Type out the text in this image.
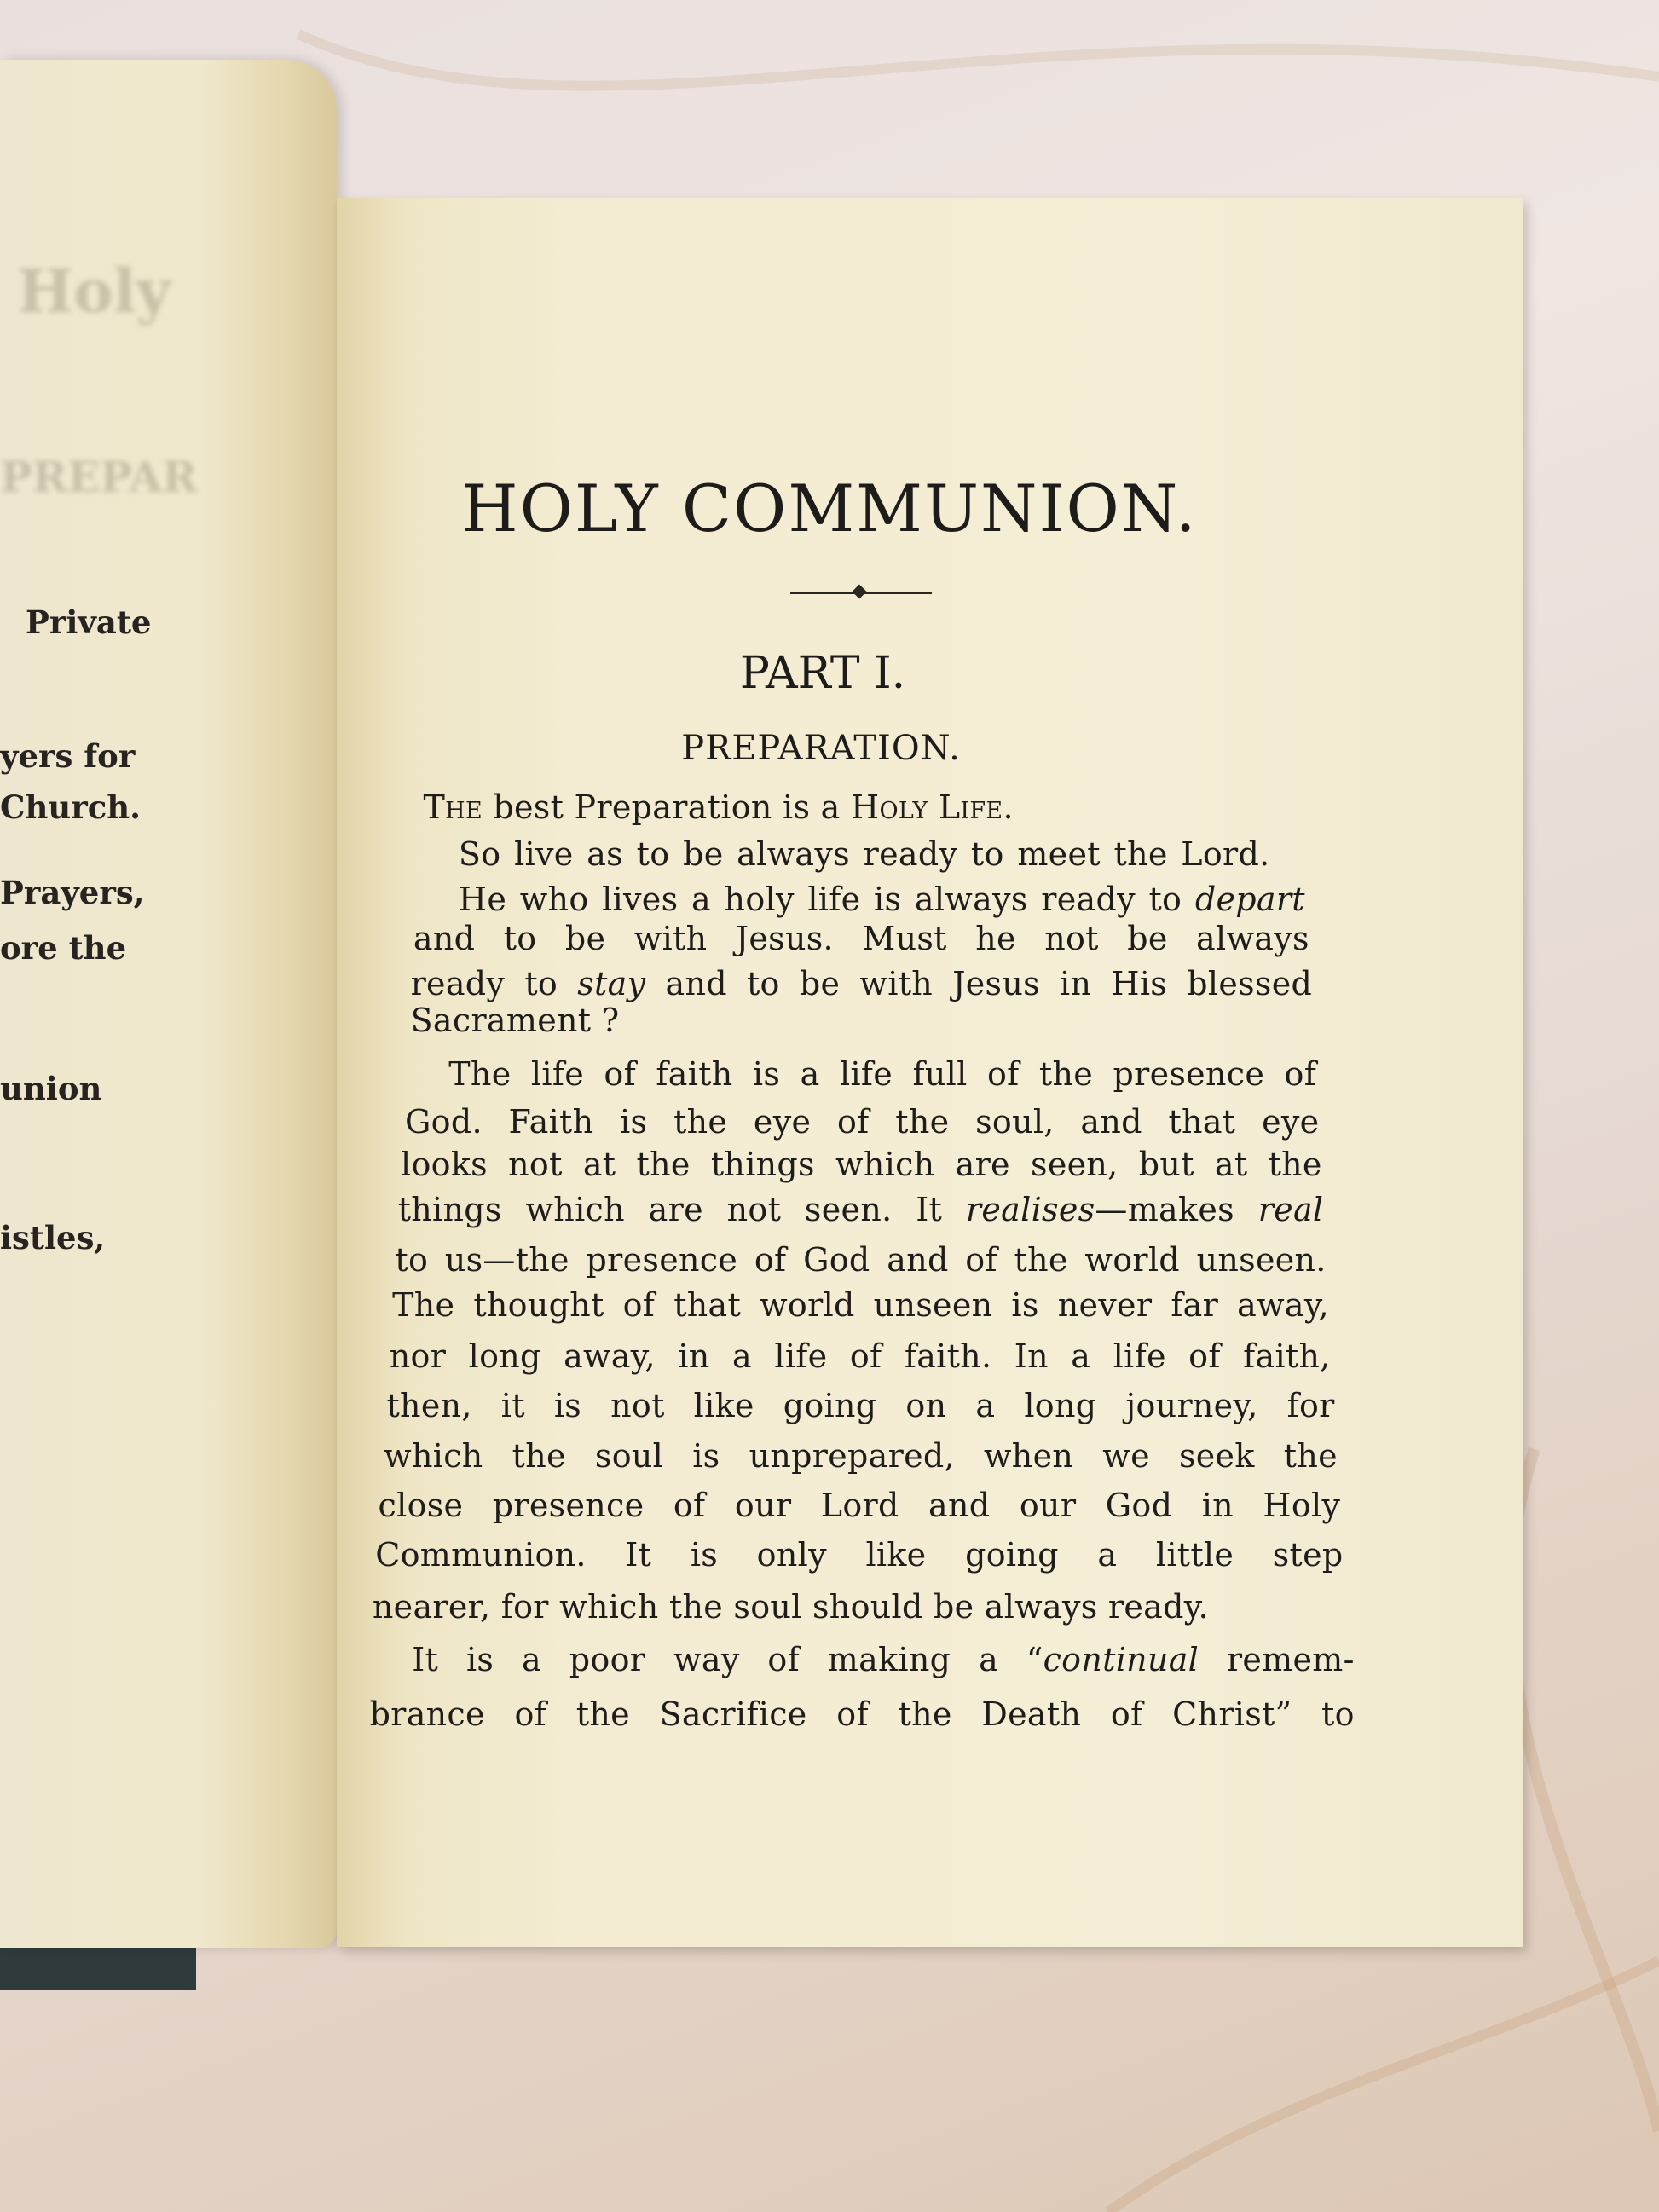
Holy
PREPAR
Private
yers for
Church.
Prayers,
ore the
union
istles,
HOLY COMMUNION.
PART I.
PREPARATION.
The best Preparation is a Holy Life.
So live as to be always ready to meet the Lord.
He who lives a holy life is always ready to depart
and to be with Jesus. Must he not be always
ready to stay and to be with Jesus in His blessed
Sacrament ?
The life of faith is a life full of the presence of
God. Faith is the eye of the soul, and that eye
looks not at the things which are seen, but at the
things which are not seen. It realises—makes real
to us—the presence of God and of the world unseen.
The thought of that world unseen is never far away,
nor long away, in a life of faith. In a life of faith,
then, it is not like going on a long journey, for
which the soul is unprepared, when we seek the
close presence of our Lord and our God in Holy
Communion. It is only like going a little step
nearer, for which the soul should be always ready.
It is a poor way of making a “continual remem-
brance of the Sacrifice of the Death of Christ” to
